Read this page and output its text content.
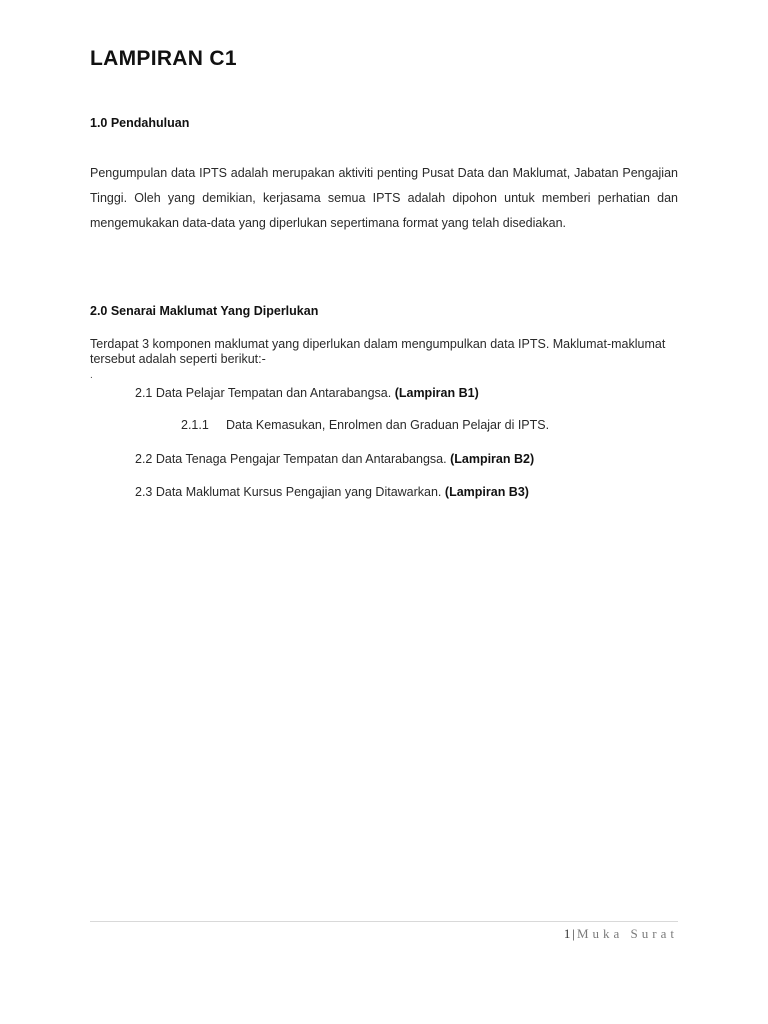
LAMPIRAN C1
1.0 Pendahuluan

Pengumpulan data IPTS adalah merupakan aktiviti penting Pusat Data dan Maklumat, Jabatan Pengajian Tinggi. Oleh yang demikian, kerjasama semua IPTS adalah dipohon untuk memberi perhatian dan mengemukakan data-data yang diperlukan sepertimana format yang telah disediakan.

2.0 Senarai Maklumat Yang Diperlukan

Terdapat 3 komponen maklumat yang diperlukan dalam mengumpulkan data IPTS. Maklumat-maklumat tersebut adalah seperti berikut:-

.

2.1 Data Pelajar Tempatan dan Antarabangsa. (Lampiran B1)

2.1.1 Data Kemasukan, Enrolmen dan Graduan Pelajar di IPTS.

2.2 Data Tenaga Pengajar Tempatan dan Antarabangsa. (Lampiran B2)

2.3 Data Maklumat Kursus Pengajian yang Ditawarkan. (Lampiran B3)

1 | Muka Surat
